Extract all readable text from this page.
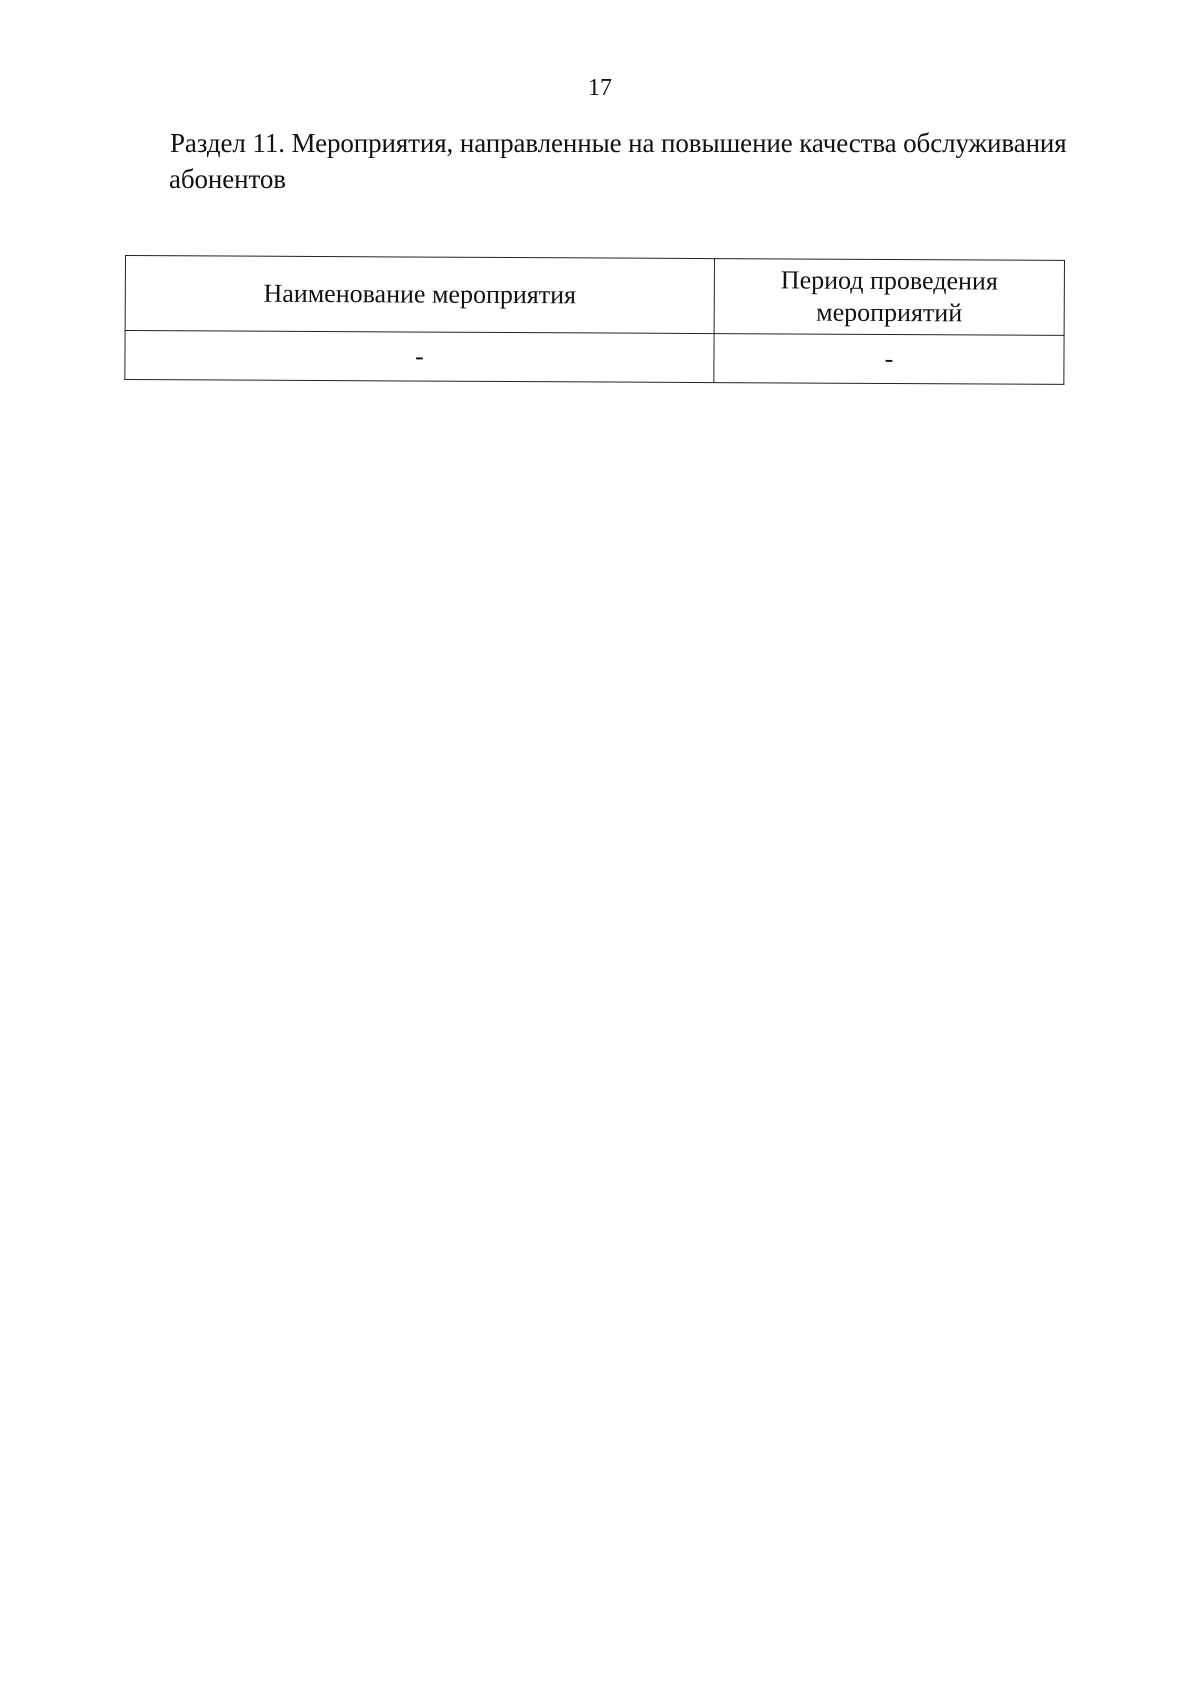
17
Раздел 11. Мероприятия, направленные на повышение качества обслуживания
абонентов
Наименование мероприятия	Период проведения мероприятий
-	-
